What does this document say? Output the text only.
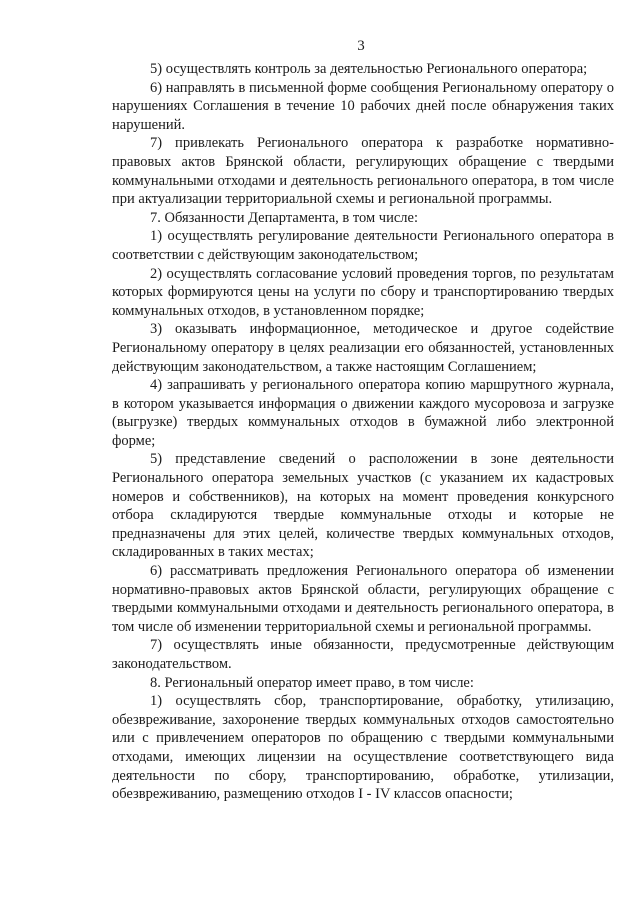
3

5) осуществлять контроль за деятельностью Регионального оператора;

6) направлять в письменной форме сообщения Региональному оператору о нарушениях Соглашения в течение 10 рабочих дней после обнаружения таких нарушений.

7) привлекать Регионального оператора к разработке нормативно-правовых актов Брянской области, регулирующих обращение с твердыми коммунальными отходами и деятельность регионального оператора, в том числе при актуализации территориальной схемы и региональной программы.

7. Обязанности Департамента, в том числе:

1) осуществлять регулирование деятельности Регионального оператора в соответствии с действующим законодательством;

2) осуществлять согласование условий проведения торгов, по результатам которых формируются цены на услуги по сбору и транспортированию твердых коммунальных отходов, в установленном порядке;

3) оказывать информационное, методическое и другое содействие Региональному оператору в целях реализации его обязанностей, установленных действующим законодательством, а также настоящим Соглашением;

4) запрашивать у регионального оператора копию маршрутного журнала, в котором указывается информация о движении каждого мусоровоза и загрузке (выгрузке) твердых коммунальных отходов в бумажной либо электронной форме;

5) представление сведений о расположении в зоне деятельности Регионального оператора земельных участков (с указанием их кадастровых номеров и собственников), на которых на момент проведения конкурсного отбора складируются твердые коммунальные отходы и которые не предназначены для этих целей, количестве твердых коммунальных отходов, складированных в таких местах;

6) рассматривать предложения Регионального оператора об изменении нормативно-правовых актов Брянской области, регулирующих обращение с твердыми коммунальными отходами и деятельность регионального оператора, в том числе об изменении территориальной схемы и региональной программы.

7) осуществлять иные обязанности, предусмотренные действующим законодательством.

8. Региональный оператор имеет право, в том числе:

1) осуществлять сбор, транспортирование, обработку, утилизацию, обезвреживание, захоронение твердых коммунальных отходов самостоятельно или с привлечением операторов по обращению с твердыми коммунальными отходами, имеющих лицензии на осуществление соответствующего вида деятельности по сбору, транспортированию, обработке, утилизации, обезвреживанию, размещению отходов I - IV классов опасности;
